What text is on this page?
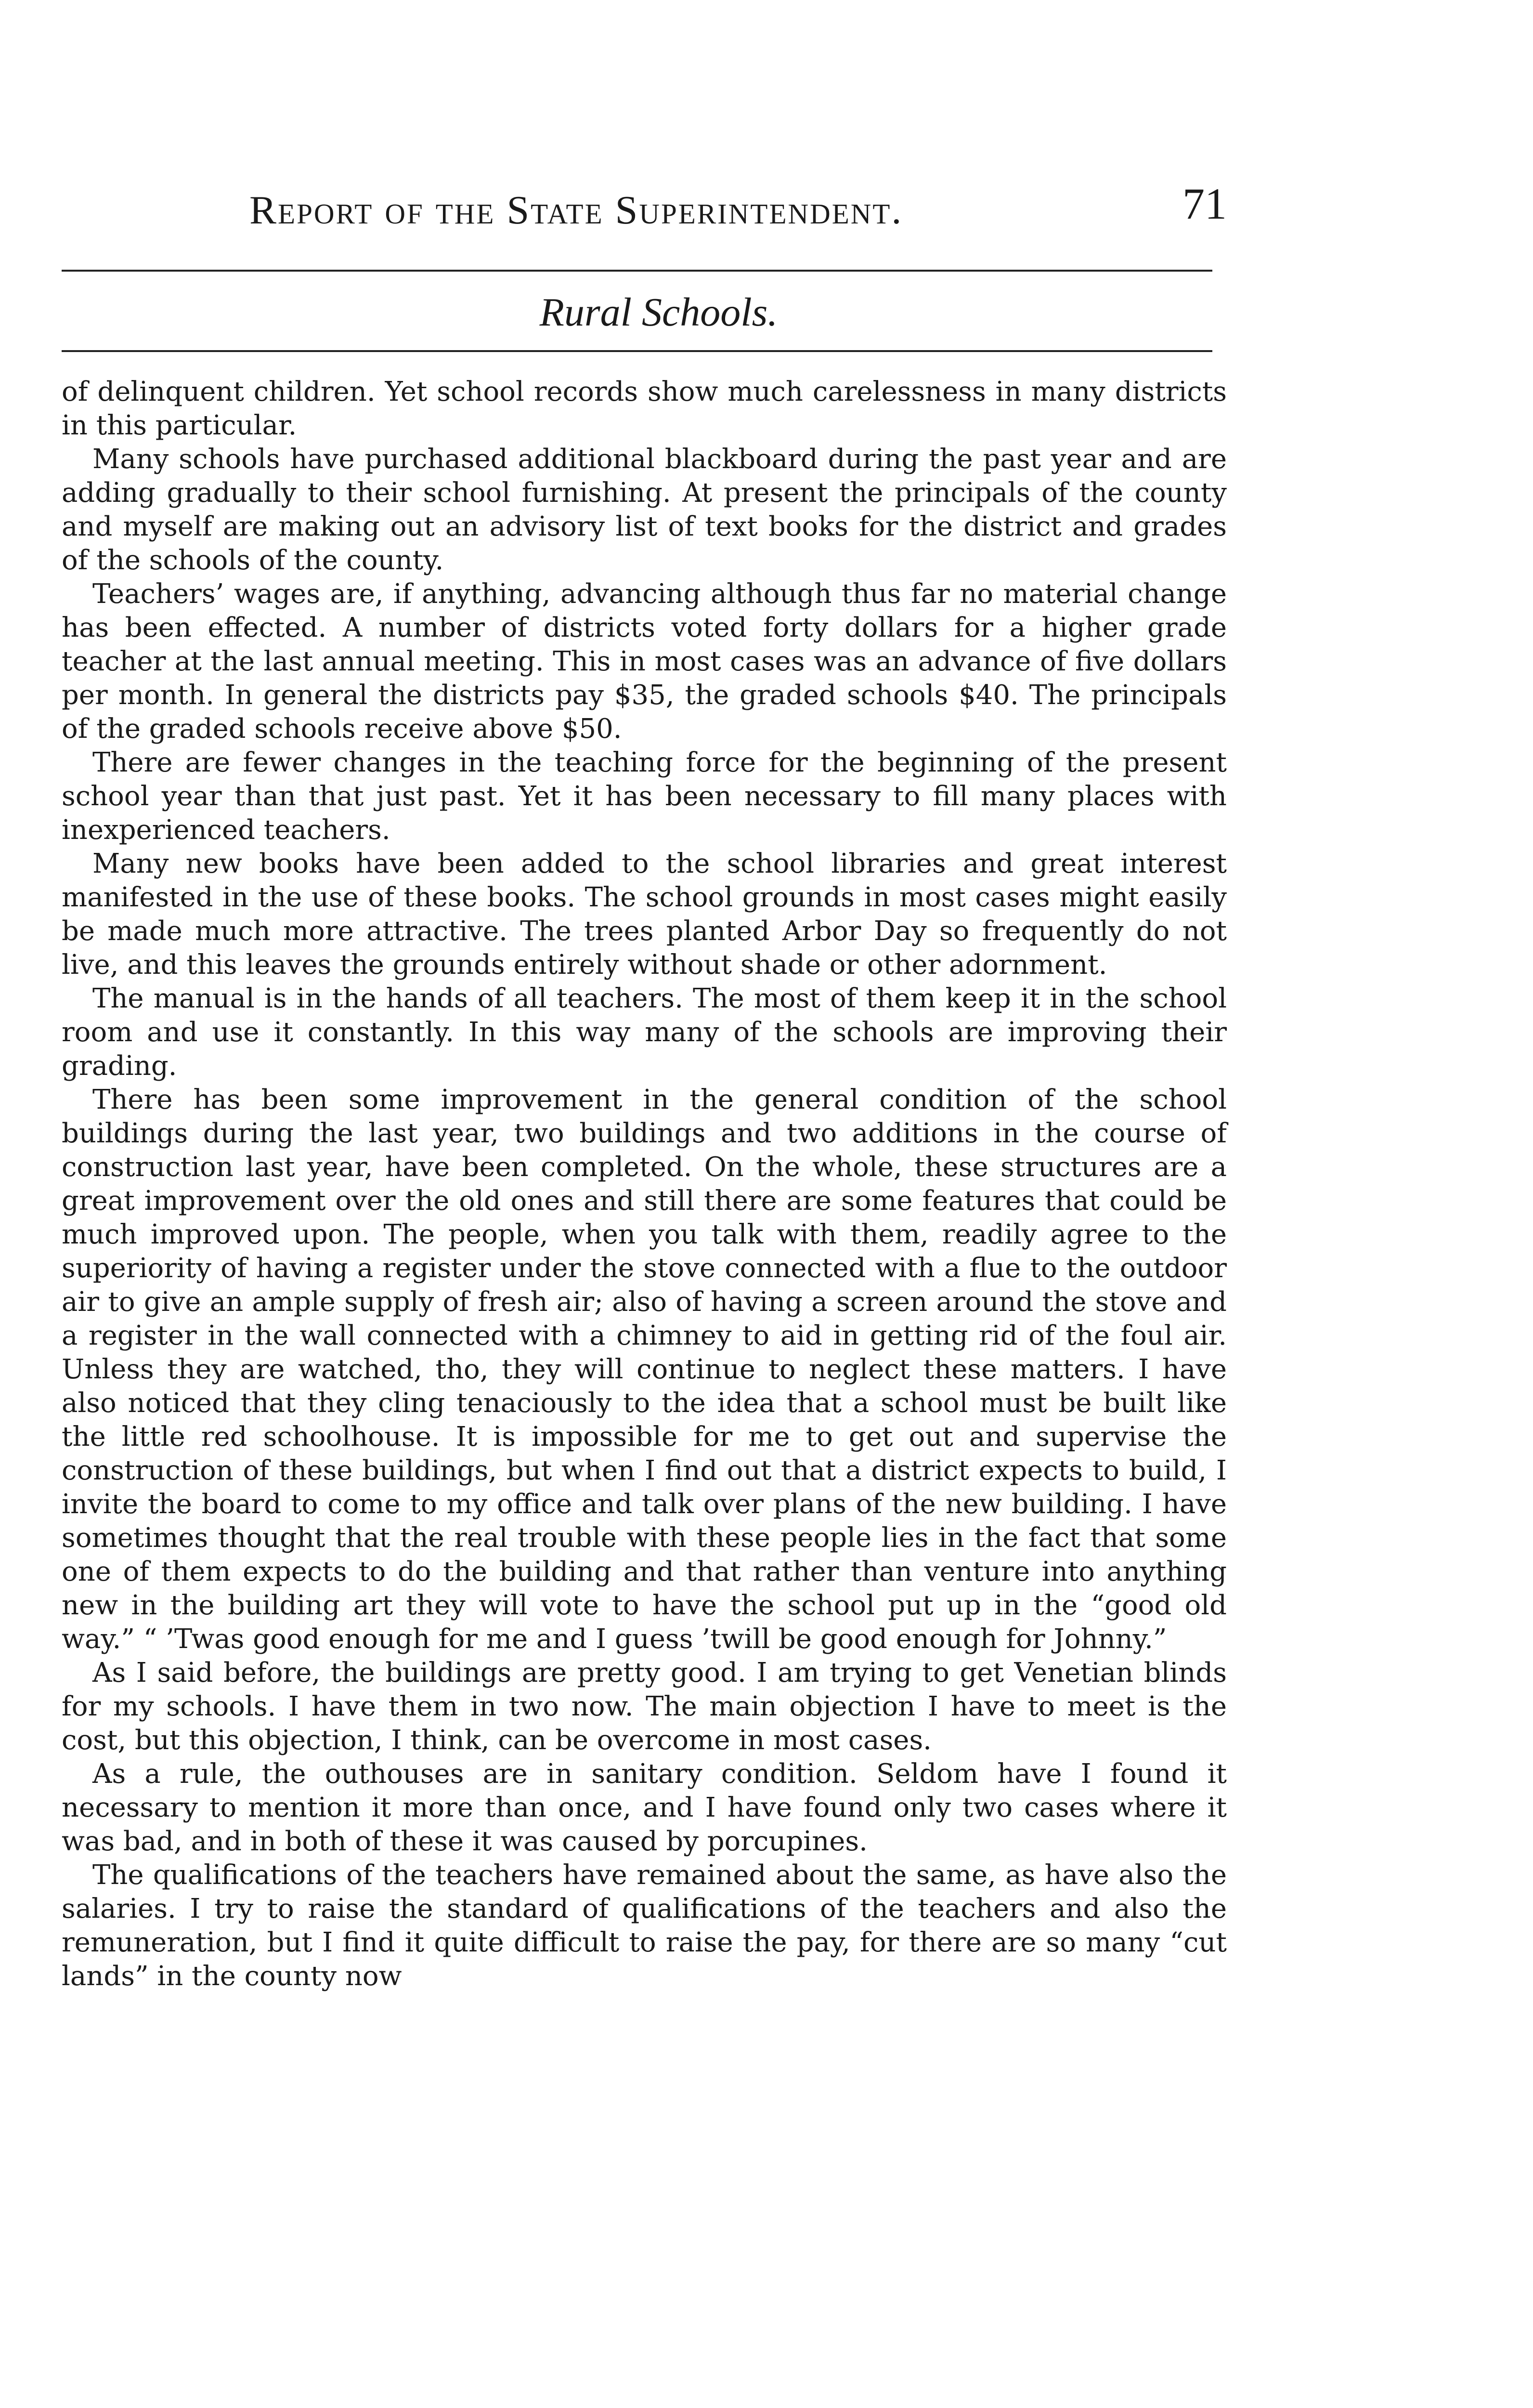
Report of the State Superintendent.	71
Rural Schools.

of delinquent children. Yet school records show much carelessness in many districts in this particular.

Many schools have purchased additional blackboard during the past year and are adding gradually to their school furnishing. At present the principals of the county and myself are making out an advisory list of text books for the district and grades of the schools of the county.

Teachers’ wages are, if anything, advancing although thus far no material change has been effected. A number of districts voted forty dollars for a higher grade teacher at the last annual meeting. This in most cases was an advance of five dollars per month. In general the districts pay $35, the graded schools $40. The principals of the graded schools receive above $50.

There are fewer changes in the teaching force for the beginning of the present school year than that just past. Yet it has been necessary to fill many places with inexperienced teachers.

Many new books have been added to the school libraries and great interest manifested in the use of these books. The school grounds in most cases might easily be made much more attractive. The trees planted Arbor Day so frequently do not live, and this leaves the grounds entirely without shade or other adornment.

The manual is in the hands of all teachers. The most of them keep it in the school room and use it constantly. In this way many of the schools are improving their grading.

There has been some improvement in the general condition of the school buildings during the last year, two buildings and two additions in the course of construction last year, have been completed. On the whole, these structures are a great improvement over the old ones and still there are some features that could be much improved upon. The people, when you talk with them, readily agree to the superiority of having a register under the stove connected with a flue to the outdoor air to give an ample supply of fresh air; also of having a screen around the stove and a register in the wall connected with a chimney to aid in getting rid of the foul air. Unless they are watched, tho, they will continue to neglect these matters. I have also noticed that they cling tenaciously to the idea that a school must be built like the little red schoolhouse. It is impossible for me to get out and supervise the construction of these buildings, but when I find out that a district expects to build, I invite the board to come to my office and talk over plans of the new building. I have sometimes thought that the real trouble with these people lies in the fact that some one of them expects to do the building and that rather than venture into anything new in the building art they will vote to have the school put up in the “good old way.” “ ’Twas good enough for me and I guess ’twill be good enough for Johnny.”

As I said before, the buildings are pretty good. I am trying to get Venetian blinds for my schools. I have them in two now. The main objection I have to meet is the cost, but this objection, I think, can be overcome in most cases.

As a rule, the outhouses are in sanitary condition. Seldom have I found it necessary to mention it more than once, and I have found only two cases where it was bad, and in both of these it was caused by porcupines.

The qualifications of the teachers have remained about the same, as have also the salaries. I try to raise the standard of qualifications of the teachers and also the remuneration, but I find it quite difficult to raise the pay, for there are so many “cut lands” in the county now
